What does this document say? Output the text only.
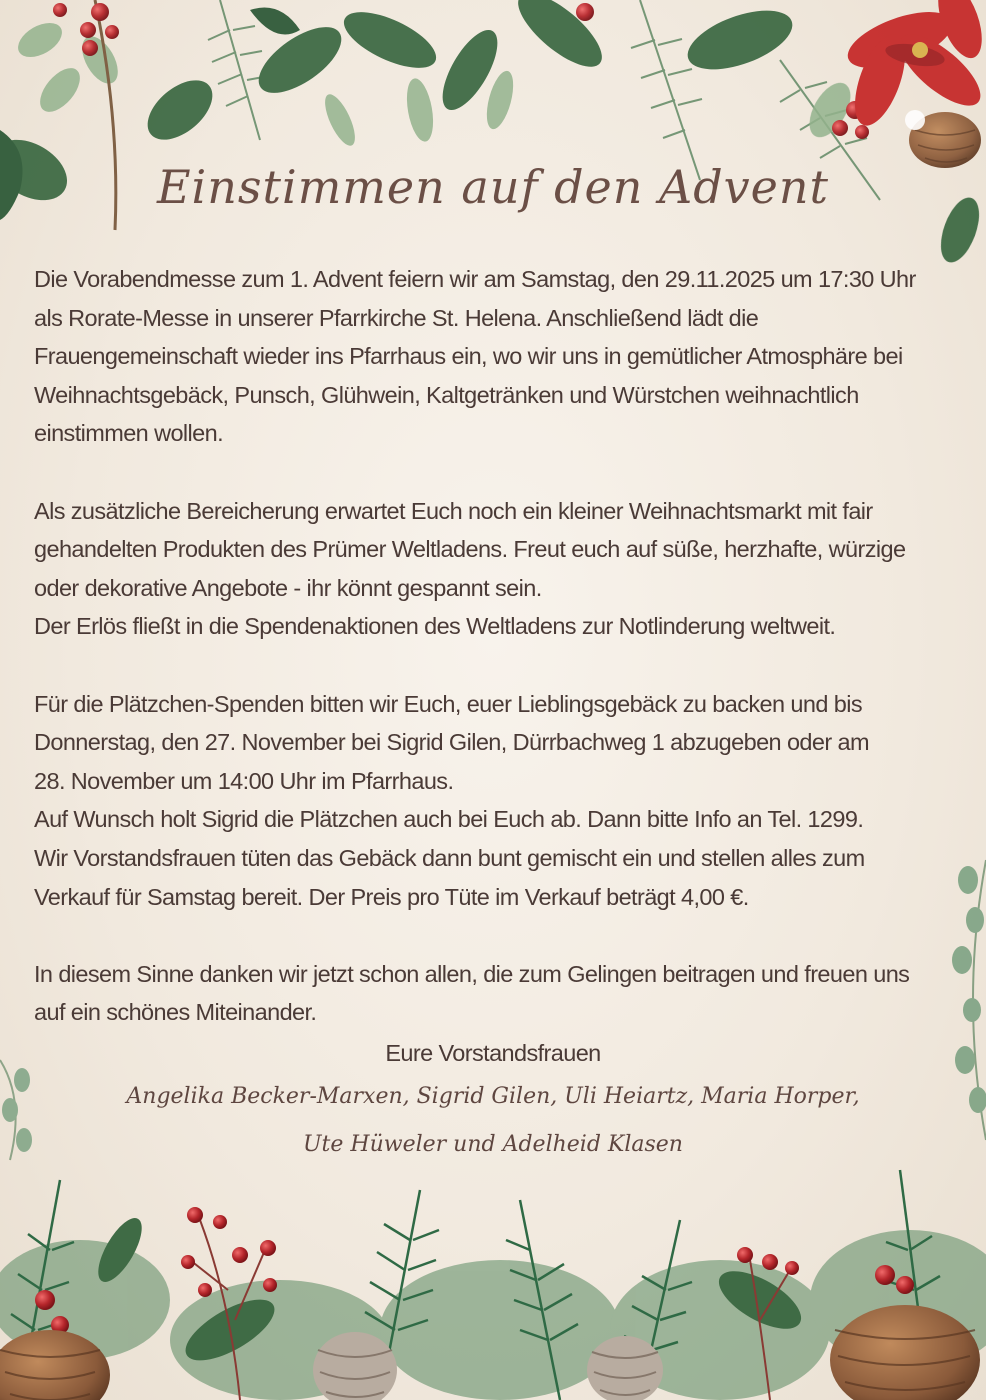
Einstimmen auf den Advent

Die Vorabendmesse zum 1. Advent feiern wir am Samstag, den 29.11.2025 um 17:30 Uhr

als Rorate-Messe in unserer Pfarrkirche St. Helena. Anschließend lädt die

Frauengemeinschaft wieder ins Pfarrhaus ein, wo wir uns in gemütlicher Atmosphäre bei

Weihnachtsgebäck, Punsch, Glühwein, Kaltgetränken und Würstchen weihnachtlich

einstimmen wollen.

Als zusätzliche Bereicherung erwartet Euch noch ein kleiner Weihnachtsmarkt mit fair

gehandelten Produkten des Prümer Weltladens. Freut euch auf süße, herzhafte, würzige

oder dekorative Angebote - ihr könnt gespannt sein.

Der Erlös fließt in die Spendenaktionen des Weltladens zur Notlinderung weltweit.

Für die Plätzchen-Spenden bitten wir Euch, euer Lieblingsgebäck zu backen und bis

Donnerstag, den 27. November bei Sigrid Gilen, Dürrbachweg 1 abzugeben oder am

28. November um 14:00 Uhr im Pfarrhaus.

Auf Wunsch holt Sigrid die Plätzchen auch bei Euch ab. Dann bitte Info an Tel. 1299.

Wir Vorstandsfrauen tüten das Gebäck dann bunt gemischt ein und stellen alles zum

Verkauf für Samstag bereit. Der Preis pro Tüte im Verkauf beträgt 4,00 €.

In diesem Sinne danken wir jetzt schon allen, die zum Gelingen beitragen und freuen uns

auf ein schönes Miteinander.

Eure Vorstandsfrauen
Angelika Becker-Marxen, Sigrid Gilen, Uli Heiartz, Maria Horper,
Ute Hüweler und Adelheid Klasen
